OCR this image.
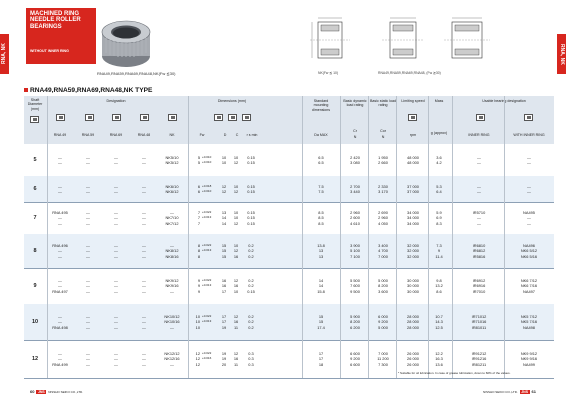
RNA, NK	RNA, NK
MACHINED RING NEEDLE ROLLER BEARINGS
WITHOUT INNER RING
RNA49,RNA59,RNA69,RNA48,NK(Fw ≦30)	NK(Fw ≦ 10)	RNA49,RNA59,RNA69,RNA48, (Fw ≧30)
RNA49,RNA59,RNA69,RNA48,NK TYPE
Shaft Diameter (mm)
Designation
RNA 49	RNA 59	RNA 69	RNA 48	NK
Dimensions (mm)
Fw	D	C	r s min
Standard mounting dimensions
Da MAX
Basic dynamic load rating
Cr
N
Basic static load rating
Cor
N
Limiting speed
rpm
Mass
g (approx)
Usable bearing designation
INNER RING	WITH INNER RING
5	—	—	—	—	NK5/10	5 +0.010	10	10	0.15	6.5	2 420	1 950	48 000	3.6	—	—
—	—	—	—	NK5/12	5 +0.010	10	12	0.15	6.5	3 080	2 660	48 000	4.2	—	—
6	—	—	—	—	NK6/10	6 +0.018	12	10	0.15	7.5	2 700	2 330	37 000	5.3	—	—
—	—	—	—	NK6/12	6 +0.010	12	12	0.15	7.5	3 440	3 170	37 000	6.4	—	—
7
RNA 495	—	—	—	—	7 +0.022	13	10	0.15	8.5	2 960	2 690	34 000	5.9	IR5710	NA495
—	—	—	—	NK7/10	7 +0.013	14	10	0.15	8.5	2 600	2 960	34 000	6.9	—	—
—	—	—	—	NK7/12	7	14	12	0.15	8.5	4 610	4 050	34 000	8.3	—	—
8
RNA 496	—	—	—	—	8 +0.022	15	10	0.2	13.8	3 900	3 400	32 000	7.3	IR6810	NA496
—	—	—	—	NK8/12	8 +0.013	15	12	0.2	13	5 100	4 700	32 000	9	IR6812	NK6 5/12
—	—	—	—	NK8/16	8	15	16	0.2	13	7 100	7 000	32 000	11.4	IR5816	NK6 5/16
9
—	—	—	—	NK9/12	9 +0.022	16	12	0.2	14	5 500	5 000	30 000	9.8	IR6912	NK6 7/12
—	—	—	—	NK9/16	9 +0.013	16	16	0.2	14	7 600	8 200	30 000	13.2	IR6916	NK6 7/16
RNA 497	—	—	—	—	9	17	10	0.15	15.8	9 500	3 600	30 000	8.6	IR7010	NA497
10
—	—	—	—	NK10/12	10 +0.022	17	12	0.2	15	5 900	6 000	28 000	10.7	IR71012	NK5 7/12
—	—	—	—	NK10/16	10 +0.013	17	16	0.2	15	8 200	9 200	28 000	14.3	IR71016	NK5 7/16
RNA 498	—	—	—	—	10	19	11	0.2	17.4	6 200	5 000	28 000	12.5	IR81011	NA498
12
—	—	—	—	NK12/12	12 +0.022	19	12	0.3	17	6 600	7 000	26 000	12.2	IR91212	NK9 9/12
—	—	—	—	NK12/16	12 +0.016	19	16	0.3	17	9 200	11 200	26 000	16.3	IR91216	NK9 9/16
RNA 499	—	—	—	—	12	20	11	0.3	18	6 600	7 300	26 000	13.6	IR81211	NA499
* Suitable for oil lubrication. In case of grease lubrication, down to 60% of the values.
60 JNS NISSHO SEIKO CO.,LTD.	NISSHO SEIKO CO.,LTD. JNS 61
